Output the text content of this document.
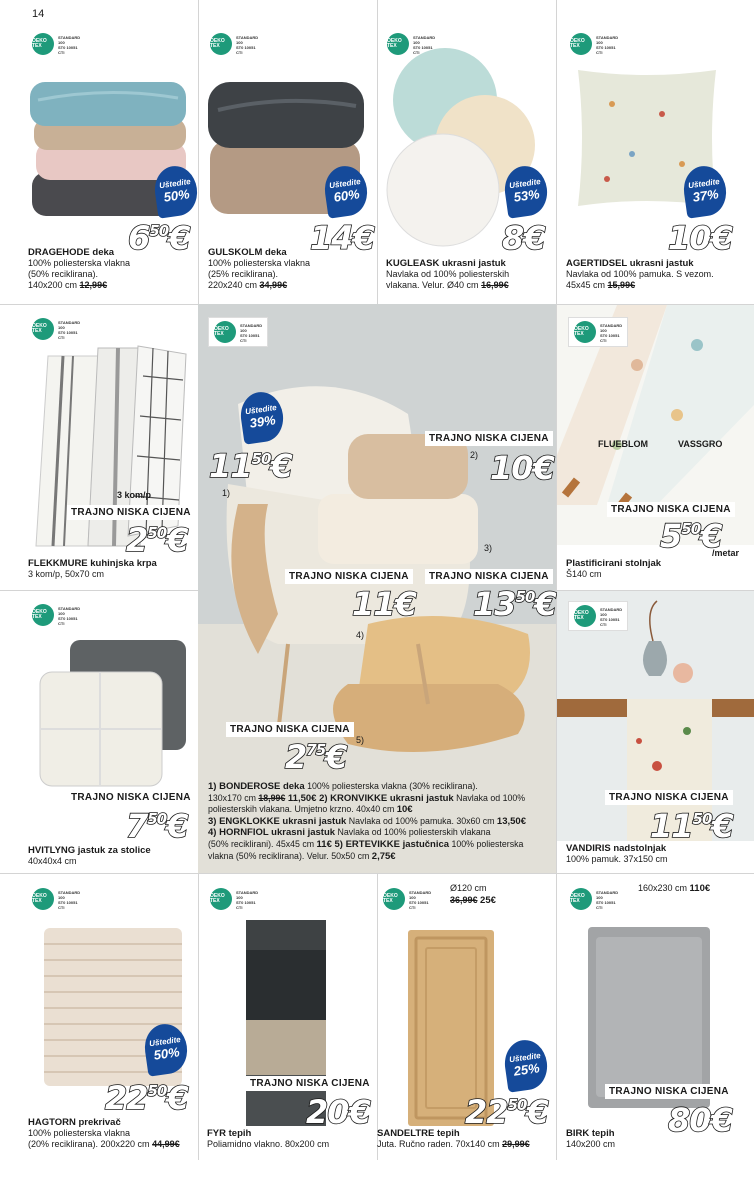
14
OEKO TEX
STANDARD
100
ST0 10051
CTI
Uštedite
50%
$6^{50}€$
DRAGEHODE deka
100% poliesterska vlakna
(50% reciklirana).
140x200 cm 12,99€
OEKO TEX
STANDARD
100
ST0 10051
CTI
Uštedite
60%
14€
GULSKOLM deka
100% poliesterska vlakna
(25% reciklirana).
220x240 cm 34,99€
OEKO TEX
STANDARD
100
ST0 10051
CTI
Uštedite
53%
8€
KUGLEASK ukrasni jastuk
Navlaka od 100% poliesterskih
vlakana. Velur. Ø40 cm 16,99€
OEKO TEX
STANDARD
100
ST0 10051
CTI
Uštedite
37%
10€
AGERTIDSEL ukrasni jastuk
Navlaka od 100% pamuka. S vezom.
45x45 cm 15,99€
OEKO TEX
STANDARD
100
ST0 10051
CTI
3 kom/p
TRAJNO NISKA CIJENA
$2^{50}€$
FLEKKMURE kuhinjska krpa
3 kom/p, 50x70 cm
OEKO TEX
STANDARD
100
ST0 10051
CTI
TRAJNO NISKA CIJENA
$7^{50}€$
HVITLYNG jastuk za stolice
40x40x4 cm
OEKO TEX
STANDARD
100
ST0 10051
CTI
Uštedite
39%
$11^{50}€$
1)
TRAJNO NISKA CIJENA
2) 10€
3)
TRAJNO NISKA CIJENA	TRAJNO NISKA CIJENA
11€ $13^{50}€$
4)
TRAJNO NISKA CIJENA
5)
$2^{75}€$
1) BONDEROSE deka 100% poliesterska vlakna (30% reciklirana).
130x170 cm 18,99€ 11,50€ 2) KRONVIKKE ukrasni jastuk Navlaka od 100%
poliesterskih vlakana. Umjetno krzno. 40x40 cm 10€
3) ENGKLOKKE ukrasni jastuk Navlaka od 100% pamuka. 30x60 cm 13,50€
4) HORNFIOL ukrasni jastuk Navlaka od 100% poliesterskih vlakana
(50% reciklirani). 45x45 cm 11€ 5) ERTEVIKKE jastučnica 100% poliesterska
vlakna (50% reciklirana). Velur. 50x50 cm 2,75€
OEKO TEX
STANDARD
100
ST0 10051
CTI
FLUEBLOM	VASSGRO
TRAJNO NISKA CIJENA
$5^{50}€$
/metar
Plastificirani stolnjak
Š140 cm
OEKO TEX
STANDARD
100
ST0 10051
CTI
TRAJNO NISKA CIJENA
$11^{50}€$
VANDIRIS nadstolnjak
100% pamuk. 37x150 cm
OEKO TEX
STANDARD
100
ST0 10051
CTI
Uštedite
50%
$22^{50}€$
HAGTORN prekrivač
100% poliesterska vlakna
(20% reciklirana). 200x220 cm 44,99€
OEKO TEX
STANDARD
100
ST0 10051
CTI
TRAJNO NISKA CIJENA
20€
FYR tepih
Poliamidno vlakno. 80x200 cm
OEKO TEX
STANDARD
100
ST0 10051
CTI
Ø120 cm
36,99€ 25€
Uštedite
25%
$22^{50}€$
SANDELTRE tepih
Juta. Ručno raden. 70x140 cm 29,99€
OEKO TEX
STANDARD
100
ST0 10051
CTI
160x230 cm 110€
TRAJNO NISKA CIJENA
80€
BIRK tepih
140x200 cm
